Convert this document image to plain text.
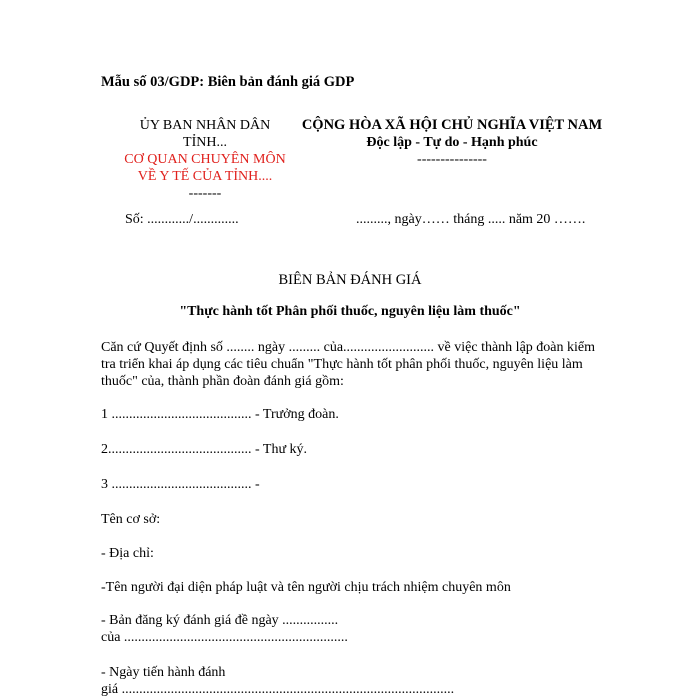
Mẫu số 03/GDP: Biên bản đánh giá GDP
ỦY BAN NHÂN DÂN
TỈNH...
CƠ QUAN CHUYÊN MÔN
VỀ Y TẾ CỦA TỈNH....
-------
CỘNG HÒA XÃ HỘI CHỦ NGHĨA VIỆT NAM
Độc lập - Tự do - Hạnh phúc
---------------
Số: ............/.............	........., ngày…… tháng ..... năm 20 …….
BIÊN BẢN ĐÁNH GIÁ
"Thực hành tốt Phân phối thuốc, nguyên liệu làm thuốc"
Căn cứ Quyết định số ........ ngày ......... của.......................... về việc thành lập đoàn kiểm tra triển khai áp dụng các tiêu chuẩn "Thực hành tốt phân phối thuốc, nguyên liệu làm thuốc" của, thành phần đoàn đánh giá gồm:
1 ........................................ - Trưởng đoàn.
2......................................... - Thư ký.
3 ........................................ -
Tên cơ sở:
- Địa chỉ:
-Tên người đại diện pháp luật và tên người chịu trách nhiệm chuyên môn
- Bản đăng ký đánh giá đề ngày ................
của ................................................................
- Ngày tiến hành đánh
giá ...............................................................................................
